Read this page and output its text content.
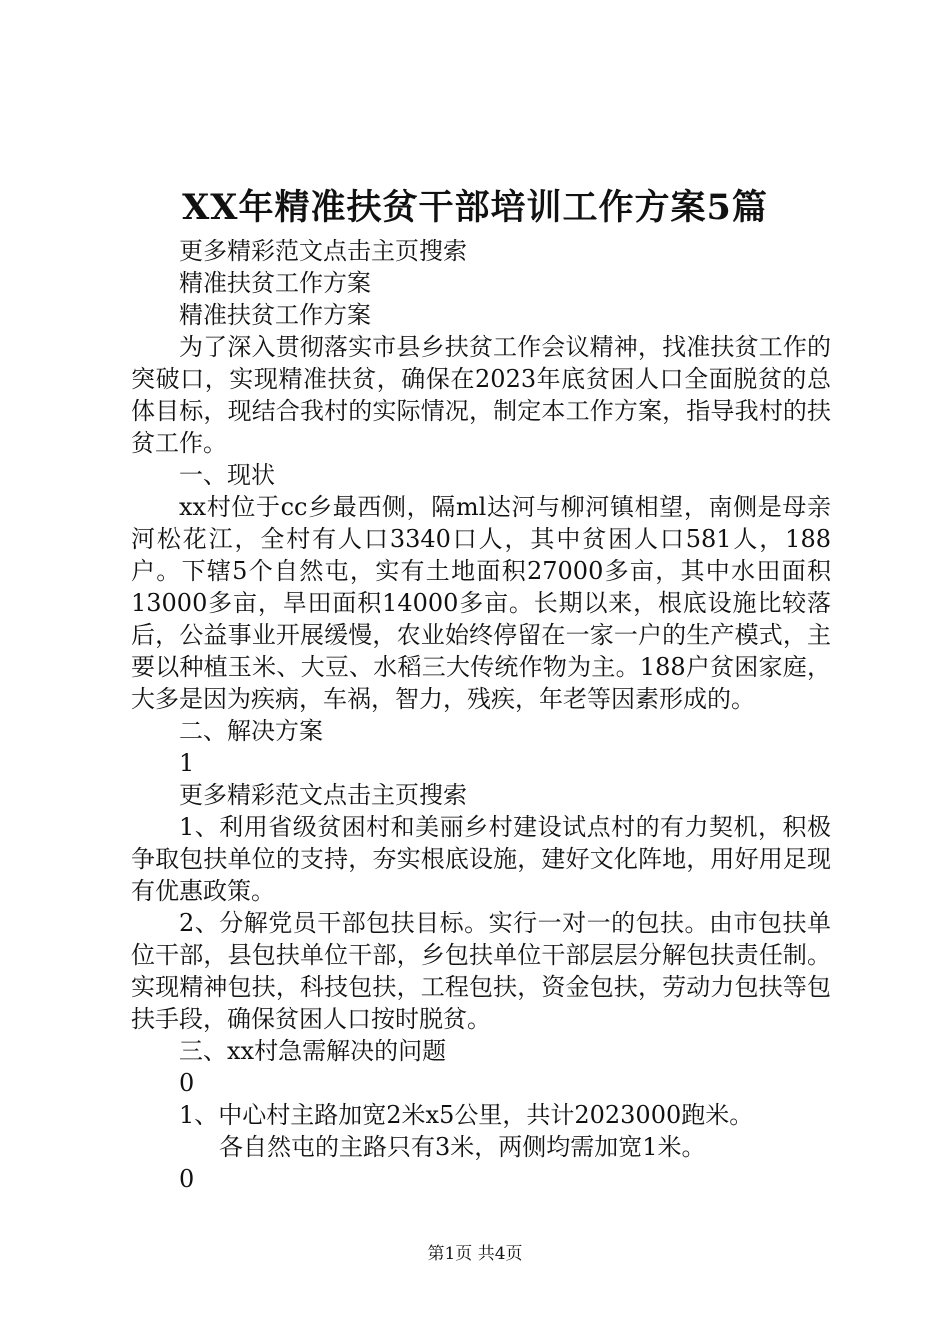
XX年精准扶贫干部培训工作方案5篇

更多精彩范文点击主页搜索

精准扶贫工作方案

精准扶贫工作方案

为了深入贯彻落实市县乡扶贫工作会议精神，找准扶贫工作的突破口，实现精准扶贫，确保在2023年底贫困人口全面脱贫的总体目标，现结合我村的实际情况，制定本工作方案，指导我村的扶贫工作。

一、现状

xx村位于cc乡最西侧，隔ml达河与柳河镇相望，南侧是母亲河松花江，全村有人口3340口人，其中贫困人口581人，188户。下辖5个自然屯，实有土地面积27000多亩，其中水田面积13000多亩，旱田面积14000多亩。长期以来，根底设施比较落后，公益事业开展缓慢，农业始终停留在一家一户的生产模式，主要以种植玉米、大豆、水稻三大传统作物为主。188户贫困家庭，大多是因为疾病，车祸，智力，残疾，年老等因素形成的。

二、解决方案

1

更多精彩范文点击主页搜索

1、利用省级贫困村和美丽乡村建设试点村的有力契机，积极争取包扶单位的支持，夯实根底设施，建好文化阵地，用好用足现有优惠政策。

2、分解党员干部包扶目标。实行一对一的包扶。由市包扶单位干部，县包扶单位干部，乡包扶单位干部层层分解包扶责任制。实现精神包扶，科技包扶，工程包扶，资金包扶，劳动力包扶等包扶手段，确保贫困人口按时脱贫。

三、xx村急需解决的问题

0

1、中心村主路加宽2米x5公里，共计2023000跑米。

各自然屯的主路只有3米，两侧均需加宽1米。

0

第1页 共4页
